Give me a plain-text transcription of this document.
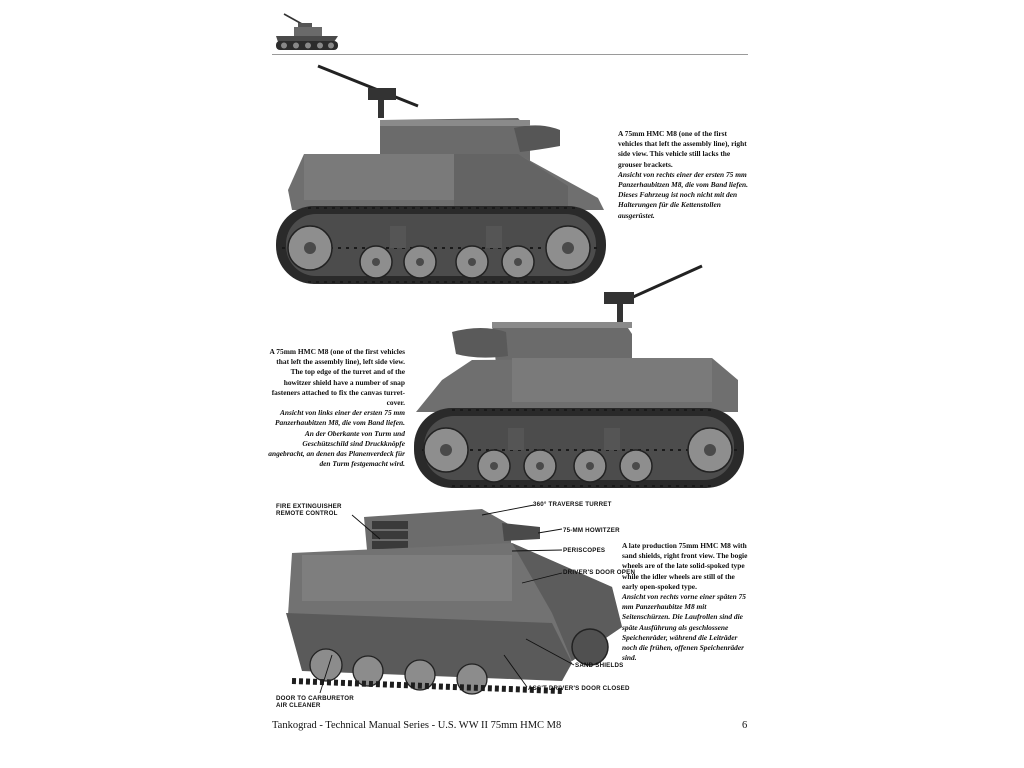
A 75mm HMC M8 (one of the first vehicles that left the assembly line), right side view. This vehicle still lacks the grouser brackets.
Ansicht von rechts einer der ersten 75 mm Panzerhaubitzen M8, die vom Band liefen. Dieses Fahrzeug ist noch nicht mit den Halterungen für die Kettenstollen ausgerüstet.
A 75mm HMC M8 (one of the first vehicles that left the assembly line), left side view. The top edge of the turret and of the howitzer shield have a number of snap fasteners attached to fix the canvas turret-cover.
Ansicht von links einer der ersten 75 mm Panzerhaubitzen M8, die vom Band liefen. An der Oberkante von Turm und Geschützschild sind Druckknöpfe angebracht, an denen das Planenverdeck für den Turm festgemacht wird.
A late production 75mm HMC M8 with sand shields, right front view. The bogie wheels are of the late solid-spoked type while the idler wheels are still of the early open-spoked type.
Ansicht von rechts vorne einer späten 75 mm Panzerhaubitze M8 mit Seitenschürzen. Die Laufrollen sind die späte Ausführung als geschlossene Speichenräder, während die Leiträder noch die frühen, offenen Speichenräder sind.
FIRE EXTINGUISHER REMOTE CONTROL
360° TRAVERSE TURRET
75-MM HOWITZER
PERISCOPES
DRIVER'S DOOR OPEN
SAND SHIELDS
ASS'T DRIVER'S DOOR CLOSED
DOOR TO CARBURETOR AIR CLEANER
Tankograd - Technical Manual Series - U.S. WW II 75mm HMC M8	6
